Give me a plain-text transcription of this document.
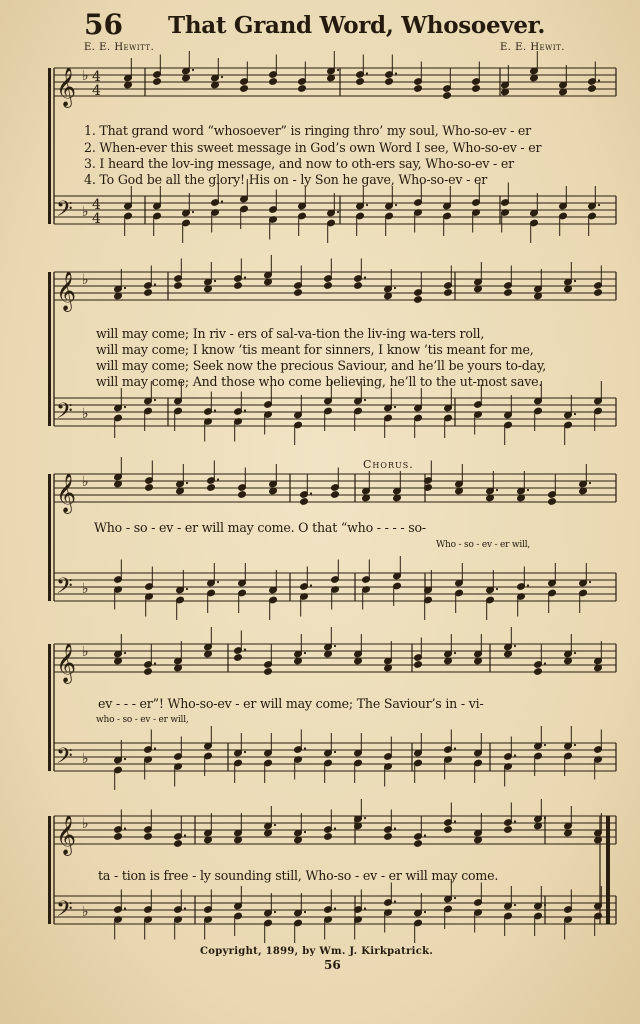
56 That Grand Word, Whosoever.
E. E. Hewitt.	E. E. Hewit.
𝄞
𝄢
♭
♭
4
4
4
4
𝄞
𝄢
♭
♭
𝄞
𝄢
♭
♭
𝄞
𝄢
♭
♭
𝄞
𝄢
♭
♭
1. That grand word “whosoever” is ringing thro’ my soul, Who-so-ev - er
2. When-ever this sweet message in God’s own Word I see, Who-so-ev - er
3. I heard the lov-ing message, and now to oth-ers say, Who-so-ev - er
4. To God be all the glory! His on - ly Son he gave, Who-so-ev - er
will may come; In riv - ers of sal-va-tion the liv-ing wa-ters roll,
will may come; I know ’tis meant for sinners, I know ’tis meant for me,
will may come; Seek now the precious Saviour, and he’ll be yours to-day,
will may come; And those who come believing, he’ll to the ut-most save.
Chorus.
Who - so - ev - er will may come. O that “who - - - - so-
Who - so - ev - er will,
ev - - - er”! Who-so-ev - er will may come; The Saviour’s in - vi-
who - so - ev - er will,
ta - tion is free - ly sounding still, Who-so - ev - er will may come.
Copyright, 1899, by Wm. J. Kirkpatrick.
56
